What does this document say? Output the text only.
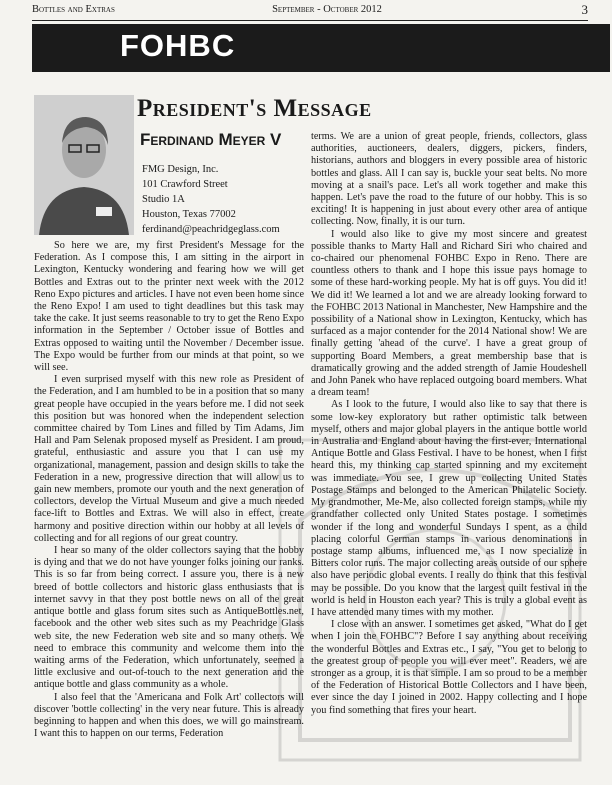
Bottles and Extras	September - October 2012	3
FOHBC
President's Message
Ferdinand Meyer V
FMG Design, Inc.
101 Crawford Street
Studio 1A
Houston, Texas 77002
ferdinand@peachridgeglass.com

So here we are, my first President's Message for the Federation. As I compose this, I am sitting in the airport in Lexington, Kentucky wondering and fearing how we will get Bottles and Extras out to the printer next week with the 2012 Reno Expo pictures and articles. I have not even been home since the Reno Expo! I am used to tight deadlines but this task may take the cake. It just seems reasonable to try to get the Reno Expo information in the September / October issue of Bottles and Extras opposed to waiting until the November / December issue. The Expo would be further from our minds at that point, so we will see.

I even surprised myself with this new role as President of the Federation, and I am humbled to be in a position that so many great people have occupied in the years before me. I did not seek this position but was honored when the independent selection committee chaired by Tom Lines and filled by Tim Adams, Jim Hall and Pam Selenak proposed myself as President. I am proud, grateful, enthusiastic and assure you that I can use my organizational, management, passion and design skills to take the Federation in a new, progressive direction that will allow us to gain new members, promote our youth and the next generation of collectors, develop the Virtual Museum and give a much needed face-lift to Bottles and Extras. We will also in effect, create harmony and positive direction within our hobby at all levels of collecting and for all regions of our great country.

I hear so many of the older collectors saying that the hobby is dying and that we do not have younger folks joining our ranks. This is so far from being correct. I assure you, there is a new breed of bottle collectors and historic glass enthusiasts that is internet savvy in that they post bottle news on all of the great antique bottle and glass forum sites such as AntiqueBottles.net, facebook and the other web sites such as my Peachridge Glass web site, the new Federation web site and so many others. We need to embrace this community and welcome them into the waiting arms of the Federation, which unfortunately, seemed a little exclusive and out-of-touch to the next generation and the antique bottle and glass community as a whole.

I also feel that the 'Americana and Folk Art' collectors will discover 'bottle collecting' in the very near future. This is already beginning to happen and when this does, we will go mainstream. I want this to happen on our terms, Federation

terms. We are a union of great people, friends, collectors, glass authorities, auctioneers, dealers, diggers, pickers, finders, historians, authors and bloggers in every possible area of historic bottles and glass. All I can say is, buckle your seat belts. No more moving at a snail's pace. Let's all work together and make this happen. Let's pave the road to the future of our hobby. This is so exciting! It is happening in just about every other area of antique collecting. Now, finally, it is our turn.

I would also like to give my most sincere and greatest possible thanks to Marty Hall and Richard Siri who chaired and co-chaired our phenomenal FOHBC Expo in Reno. There are countless others to thank and I hope this issue pays homage to some of these hard-working people. My hat is off guys. You did it! We did it! We learned a lot and we are already looking forward to the FOHBC 2013 National in Manchester, New Hampshire and the possibility of a National show in Lexington, Kentucky, which has surfaced as a major contender for the 2014 National show! We are finally getting 'ahead of the curve'. I have a great group of supporting Board Members, a great membership base that is dramatically growing and the added strength of Jamie Houdeshell and John Panek who have replaced outgoing board members. What a dream team!

As I look to the future, I would also like to say that there is some low-key exploratory but rather optimistic talk between myself, others and major global players in the antique bottle world in Australia and England about having the first-ever, International Antique Bottle and Glass Festival. I have to be honest, when I first heard this, my thinking cap started spinning and my excitement was immediate. You see, I grew up collecting United States Postage Stamps and belonged to the American Philatelic Society. My grandmother, Me-Me, also collected foreign stamps, while my grandfather collected only United States postage. I sometimes wonder if the long and wonderful Sundays I spent, as a child placing colorful German stamps in various denominations in postage stamp albums, influenced me, as I now specialize in Bitters color runs. The major collecting areas outside of our sphere also have periodic global events. I really do think that this festival may be possible. Do you know that the largest quilt festival in the world is held in Houston each year? This is truly a global event as I have attended many times with my mother.

I close with an answer. I sometimes get asked, "What do I get when I join the FOHBC"? Before I say anything about receiving the wonderful Bottles and Extras etc., I say, "You get to belong to the greatest group of people you will ever meet". Readers, we are stronger as a group, it is that simple. I am so proud to be a member of the Federation of Historical Bottle Collectors and I have been, ever since the day I joined in 2002. Happy collecting and I hope you find something that fires your heart.
